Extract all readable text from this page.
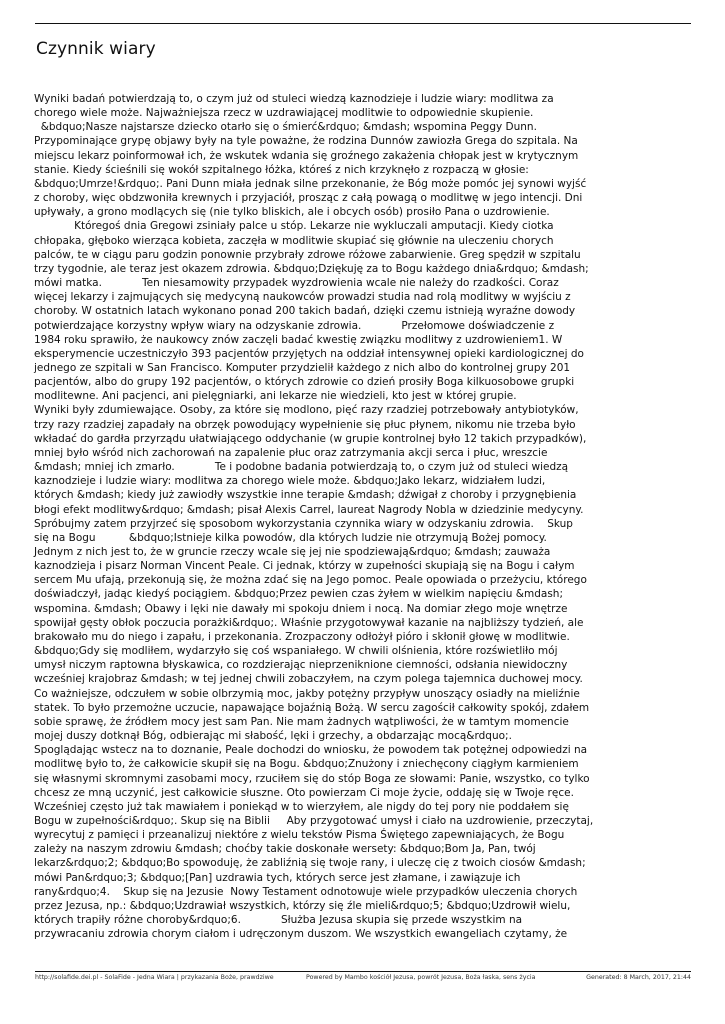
Czynnik wiary

Wyniki badań potwierdzają to, o czym już od stuleci wiedzą kaznodzieje i ludzie wiary: modlitwa za

chorego wiele może. Najważniejsza rzecz w uzdrawiającej modlitwie to odpowiednie skupienie.

&bdquo;Nasze najstarsze dziecko otarło się o śmierć&rdquo; &mdash; wspomina Peggy Dunn.

Przypominające grypę objawy były na tyle poważne, że rodzina Dunnów zawiozła Grega do szpitala. Na

miejscu lekarz poinformował ich, że wskutek wdania się groźnego zakażenia chłopak jest w krytycznym

stanie. Kiedy ścieśnili się wokół szpitalnego łóżka, któreś z nich krzyknęło z rozpaczą w głosie:

&bdquo;Umrze!&rdquo;. Pani Dunn miała jednak silne przekonanie, że Bóg może pomóc jej synowi wyjść

z choroby, więc obdzwoniła krewnych i przyjaciół, prosząc z całą powagą o modlitwę w jego intencji. Dni

upływały, a grono modlących się (nie tylko bliskich, ale i obcych osób) prosiło Pana o uzdrowienie.

Któregoś dnia Gregowi zsiniały palce u stóp. Lekarze nie wykluczali amputacji. Kiedy ciotka

chłopaka, głęboko wierząca kobieta, zaczęła w modlitwie skupiać się głównie na uleczeniu chorych

palców, te w ciągu paru godzin ponownie przybrały zdrowe różowe zabarwienie. Greg spędził w szpitalu

trzy tygodnie, ale teraz jest okazem zdrowia. &bdquo;Dziękuję za to Bogu każdego dnia&rdquo; &mdash;

mówi matka.            Ten niesamowity przypadek wyzdrowienia wcale nie należy do rzadkości. Coraz

więcej lekarzy i zajmujących się medycyną naukowców prowadzi studia nad rolą modlitwy w wyjściu z

choroby. W ostatnich latach wykonano ponad 200 takich badań, dzięki czemu istnieją wyraźne dowody

potwierdzające korzystny wpływ wiary na odzyskanie zdrowia.            Przełomowe doświadczenie z

1984 roku sprawiło, że naukowcy znów zaczęli badać kwestię związku modlitwy z uzdrowieniem1. W

eksperymencie uczestniczyło 393 pacjentów przyjętych na oddział intensywnej opieki kardiologicznej do

jednego ze szpitali w San Francisco. Komputer przydzielił każdego z nich albo do kontrolnej grupy 201

pacjentów, albo do grupy 192 pacjentów, o których zdrowie co dzień prosiły Boga kilkuosobowe grupki

modlitewne. Ani pacjenci, ani pielęgniarki, ani lekarze nie wiedzieli, kto jest w której grupie.

Wyniki były zdumiewające. Osoby, za które się modlono, pięć razy rzadziej potrzebowały antybiotyków,

trzy razy rzadziej zapadały na obrzęk powodujący wypełnienie się płuc płynem, nikomu nie trzeba było

wkładać do gardła przyrządu ułatwiającego oddychanie (w grupie kontrolnej było 12 takich przypadków),

mniej było wśród nich zachorowań na zapalenie płuc oraz zatrzymania akcji serca i płuc, wreszcie

&mdash; mniej ich zmarło.            Te i podobne badania potwierdzają to, o czym już od stuleci wiedzą

kaznodzieje i ludzie wiary: modlitwa za chorego wiele może. &bdquo;Jako lekarz, widziałem ludzi,

których &mdash; kiedy już zawiodły wszystkie inne terapie &mdash; dźwigał z choroby i przygnębienia

błogi efekt modlitwy&rdquo; &mdash; pisał Alexis Carrel, laureat Nagrody Nobla w dziedzinie medycyny.

Spróbujmy zatem przyjrzeć się sposobom wykorzystania czynnika wiary w odzyskaniu zdrowia.    Skup

się na Bogu          &bdquo;Istnieje kilka powodów, dla których ludzie nie otrzymują Bożej pomocy.

Jednym z nich jest to, że w gruncie rzeczy wcale się jej nie spodziewają&rdquo; &mdash; zauważa

kaznodzieja i pisarz Norman Vincent Peale. Ci jednak, którzy w zupełności skupiają się na Bogu i całym

sercem Mu ufają, przekonują się, że można zdać się na Jego pomoc. Peale opowiada o przeżyciu, którego

doświadczył, jadąc kiedyś pociągiem. &bdquo;Przez pewien czas żyłem w wielkim napięciu &mdash;

wspomina. &mdash; Obawy i lęki nie dawały mi spokoju dniem i nocą. Na domiar złego moje wnętrze

spowijał gęsty obłok poczucia porażki&rdquo;. Właśnie przygotowywał kazanie na najbliższy tydzień, ale

brakowało mu do niego i zapału, i przekonania. Zrozpaczony odłożył pióro i skłonił głowę w modlitwie.

&bdquo;Gdy się modliłem, wydarzyło się coś wspaniałego. W chwili olśnienia, które rozświetliło mój

umysł niczym raptowna błyskawica, co rozdzierając nieprzeniknione ciemności, odsłania niewidoczny

wcześniej krajobraz &mdash; w tej jednej chwili zobaczyłem, na czym polega tajemnica duchowej mocy.

Co ważniejsze, odczułem w sobie olbrzymią moc, jakby potężny przypływ unoszący osiadły na mieliźnie

statek. To było przemożne uczucie, napawające bojaźnią Bożą. W sercu zagościł całkowity spokój, zdałem

sobie sprawę, że źródłem mocy jest sam Pan. Nie mam żadnych wątpliwości, że w tamtym momencie

mojej duszy dotknął Bóg, odbierając mi słabość, lęki i grzechy, a obdarzając mocą&rdquo;.

Spoglądając wstecz na to doznanie, Peale dochodzi do wniosku, że powodem tak potężnej odpowiedzi na

modlitwę było to, że całkowicie skupił się na Bogu. &bdquo;Znużony i zniechęcony ciągłym karmieniem

się własnymi skromnymi zasobami mocy, rzuciłem się do stóp Boga ze słowami: Panie, wszystko, co tylko

chcesz ze mną uczynić, jest całkowicie słuszne. Oto powierzam Ci moje życie, oddaję się w Twoje ręce.

Wcześniej często już tak mawiałem i poniekąd w to wierzyłem, ale nigdy do tej pory nie poddałem się

Bogu w zupełności&rdquo;. Skup się na Biblii     Aby przygotować umysł i ciało na uzdrowienie, przeczytaj,

wyrecytuj z pamięci i przeanalizuj niektóre z wielu tekstów Pisma Świętego zapewniających, że Bogu

zależy na naszym zdrowiu &mdash; choćby takie doskonałe wersety: &bdquo;Bom Ja, Pan, twój

lekarz&rdquo;2; &bdquo;Bo spowoduję, że zabliźnią się twoje rany, i uleczę cię z twoich ciosów &mdash;

mówi Pan&rdquo;3; &bdquo;[Pan] uzdrawia tych, których serce jest złamane, i zawiązuje ich

rany&rdquo;4.    Skup się na Jezusie  Nowy Testament odnotowuje wiele przypadków uleczenia chorych

przez Jezusa, np.: &bdquo;Uzdrawiał wszystkich, którzy się źle mieli&rdquo;5; &bdquo;Uzdrowił wielu,

których trapiły różne choroby&rdquo;6.            Służba Jezusa skupia się przede wszystkim na

przywracaniu zdrowia chorym ciałom i udręczonym duszom. We wszystkich ewangeliach czytamy, że

http://solafide.dei.pl - SolaFide - Jedna Wiara | przykazania Boże, prawdziwe	Powered by Mambo kościół Jezusa, powrót Jezusa, Boża łaska, sens życia	Generated: 8 March, 2017, 21:44
